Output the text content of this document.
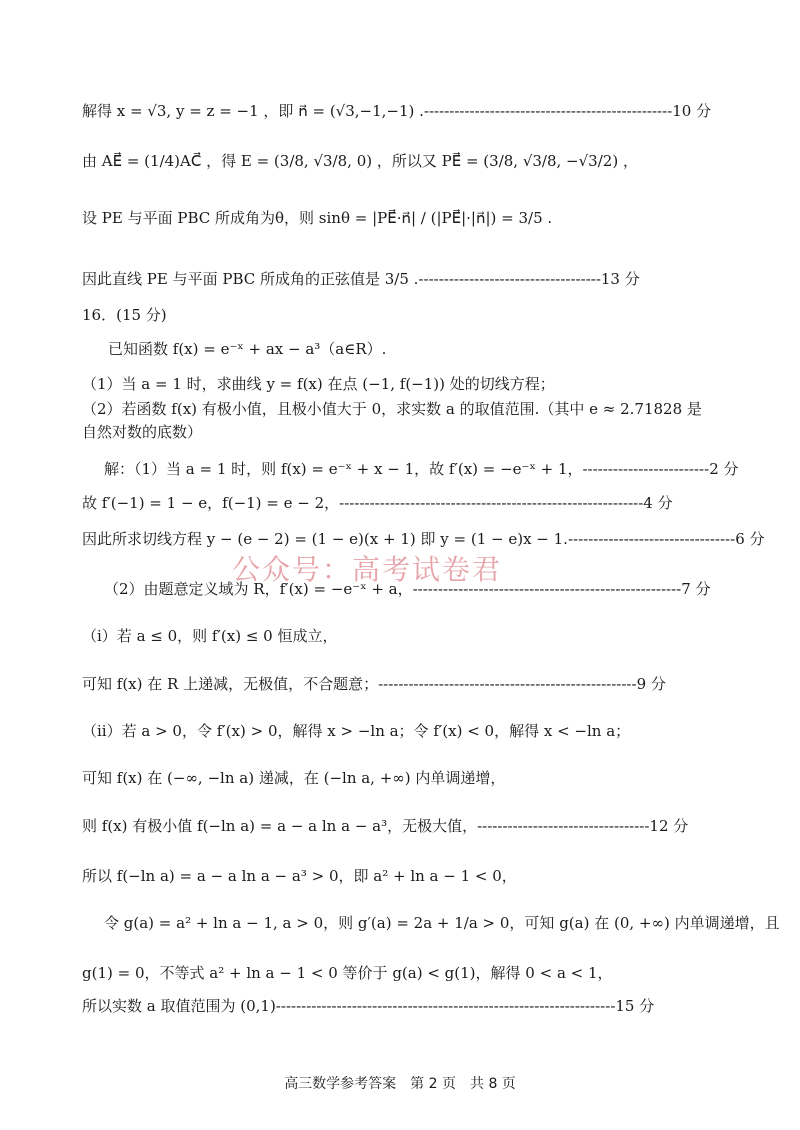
解得 x = √3, y = z = −1 ，即 n⃗ = (√3,−1,−1) .-------------------------------------------------10 分
由 AE⃗ = (1/4)AC⃗ ，得 E = (3/8, √3/8, 0) ，所以又 PE⃗ = (3/8, √3/8, −√3/2) ，
设 PE 与平面 PBC 所成角为θ，则 sinθ = |PE⃗·n⃗| / (|PE⃗|·|n⃗|) = 3/5 .
因此直线 PE 与平面 PBC 所成角的正弦值是 3/5 .------------------------------------13 分
16．(15 分)
已知函数 f(x) = e⁻ˣ + ax − a³（a∈R）.
（1）当 a = 1 时，求曲线 y = f(x) 在点 (−1, f(−1)) 处的切线方程；
（2）若函数 f(x) 有极小值，且极小值大于 0，求实数 a 的取值范围.（其中 e ≈ 2.71828 是
自然对数的底数）
解：（1）当 a = 1 时，则 f(x) = e⁻ˣ + x − 1，故 f′(x) = −e⁻ˣ + 1，-------------------------2 分
故 f′(−1) = 1 − e，f(−1) = e − 2，------------------------------------------------------------4 分
因此所求切线方程 y − (e − 2) = (1 − e)(x + 1) 即 y = (1 − e)x − 1.---------------------------------6 分
（2）由题意定义域为 R，f′(x) = −e⁻ˣ + a，-----------------------------------------------------7 分
（i）若 a ≤ 0，则 f′(x) ≤ 0 恒成立，
可知 f(x) 在 R 上递减，无极值，不合题意；---------------------------------------------------9 分
（ii）若 a > 0，令 f′(x) > 0，解得 x > −ln a；令 f′(x) < 0，解得 x < −ln a；
可知 f(x) 在 (−∞, −ln a) 递减，在 (−ln a, +∞) 内单调递增，
则 f(x) 有极小值 f(−ln a) = a − a ln a − a³，无极大值，----------------------------------12 分
所以 f(−ln a) = a − a ln a − a³ > 0，即 a² + ln a − 1 < 0，
令 g(a) = a² + ln a − 1, a > 0，则 g′(a) = 2a + 1/a > 0，可知 g(a) 在 (0, +∞) 内单调递增，且
g(1) = 0，不等式 a² + ln a − 1 < 0 等价于 g(a) < g(1)，解得 0 < a < 1，
所以实数 a 取值范围为 (0,1)-------------------------------------------------------------------15 分
公众号：高考试卷君
高三数学参考答案　第 2 页　共 8 页
